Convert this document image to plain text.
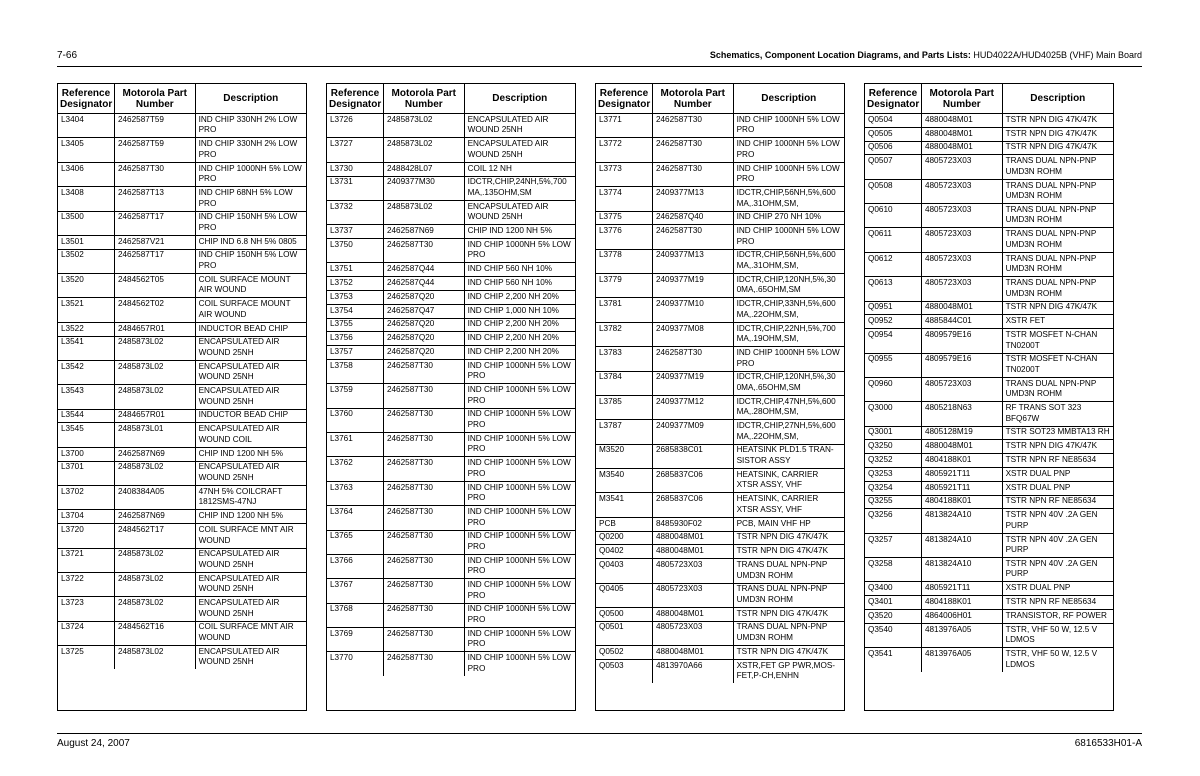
7-66	Schematics, Component Location Diagrams, and Parts Lists: HUD4022A/HUD4025B (VHF) Main Board
Reference Designator	Motorola Part Number	Description
L3404	2462587T59	IND CHIP 330NH 2% LOW PRO
L3405	2462587T59	IND CHIP 330NH 2% LOW PRO
L3406	2462587T30	IND CHIP 1000NH 5% LOW PRO
L3408	2462587T13	IND CHIP 68NH 5% LOW PRO
L3500	2462587T17	IND CHIP 150NH 5% LOW PRO
L3501	2462587V21	CHIP IND 6.8 NH 5% 0805
L3502	2462587T17	IND CHIP 150NH 5% LOW PRO
L3520	2484562T05	COIL SURFACE MOUNT AIR WOUND
L3521	2484562T02	COIL SURFACE MOUNT AIR WOUND
L3522	2484657R01	INDUCTOR BEAD CHIP
L3541	2485873L02	ENCAPSULATED AIR WOUND 25NH
L3542	2485873L02	ENCAPSULATED AIR WOUND 25NH
L3543	2485873L02	ENCAPSULATED AIR WOUND 25NH
L3544	2484657R01	INDUCTOR BEAD CHIP
L3545	2485873L01	ENCAPSULATED AIR WOUND COIL
L3700	2462587N69	CHIP IND 1200 NH 5%
L3701	2485873L02	ENCAPSULATED AIR WOUND 25NH
L3702	2408384A05	47NH 5% COILCRAFT 1812SMS-47NJ
L3704	2462587N69	CHIP IND 1200 NH 5%
L3720	2484562T17	COIL SURFACE MNT AIR WOUND
L3721	2485873L02	ENCAPSULATED AIR WOUND 25NH
L3722	2485873L02	ENCAPSULATED AIR WOUND 25NH
L3723	2485873L02	ENCAPSULATED AIR WOUND 25NH
L3724	2484562T16	COIL SURFACE MNT AIR WOUND
L3725	2485873L02	ENCAPSULATED AIR WOUND 25NH
Reference Designator	Motorola Part Number	Description
L3726	2485873L02	ENCAPSULATED AIR WOUND 25NH
L3727	2485873L02	ENCAPSULATED AIR WOUND 25NH
L3730	2488428L07	COIL 12 NH
L3731	2409377M30	IDCTR,CHIP,24NH,5%,700 MA,.135OHM,SM
L3732	2485873L02	ENCAPSULATED AIR WOUND 25NH
L3737	2462587N69	CHIP IND 1200 NH 5%
L3750	2462587T30	IND CHIP 1000NH 5% LOW PRO
L3751	2462587Q44	IND CHIP 560 NH 10%
L3752	2462587Q44	IND CHIP 560 NH 10%
L3753	2462587Q20	IND CHIP 2,200 NH 20%
L3754	2462587Q47	IND CHIP 1,000 NH 10%
L3755	2462587Q20	IND CHIP 2,200 NH 20%
L3756	2462587Q20	IND CHIP 2,200 NH 20%
L3757	2462587Q20	IND CHIP 2,200 NH 20%
L3758	2462587T30	IND CHIP 1000NH 5% LOW PRO
L3759	2462587T30	IND CHIP 1000NH 5% LOW PRO
L3760	2462587T30	IND CHIP 1000NH 5% LOW PRO
L3761	2462587T30	IND CHIP 1000NH 5% LOW PRO
L3762	2462587T30	IND CHIP 1000NH 5% LOW PRO
L3763	2462587T30	IND CHIP 1000NH 5% LOW PRO
L3764	2462587T30	IND CHIP 1000NH 5% LOW PRO
L3765	2462587T30	IND CHIP 1000NH 5% LOW PRO
L3766	2462587T30	IND CHIP 1000NH 5% LOW PRO
L3767	2462587T30	IND CHIP 1000NH 5% LOW PRO
L3768	2462587T30	IND CHIP 1000NH 5% LOW PRO
L3769	2462587T30	IND CHIP 1000NH 5% LOW PRO
L3770	2462587T30	IND CHIP 1000NH 5% LOW PRO
Reference Designator	Motorola Part Number	Description
L3771	2462587T30	IND CHIP 1000NH 5% LOW PRO
L3772	2462587T30	IND CHIP 1000NH 5% LOW PRO
L3773	2462587T30	IND CHIP 1000NH 5% LOW PRO
L3774	2409377M13	IDCTR,CHIP,56NH,5%,600 MA,.31OHM,SM,
L3775	2462587Q40	IND CHIP 270 NH 10%
L3776	2462587T30	IND CHIP 1000NH 5% LOW PRO
L3778	2409377M13	IDCTR,CHIP,56NH,5%,600 MA,.31OHM,SM,
L3779	2409377M19	IDCTR,CHIP,120NH,5%,30 0MA,.65OHM,SM
L3781	2409377M10	IDCTR,CHIP,33NH,5%,600 MA,.22OHM,SM,
L3782	2409377M08	IDCTR,CHIP,22NH,5%,700 MA,.19OHM,SM,
L3783	2462587T30	IND CHIP 1000NH 5% LOW PRO
L3784	2409377M19	IDCTR,CHIP,120NH,5%,30 0MA,.65OHM,SM
L3785	2409377M12	IDCTR,CHIP,47NH,5%,600 MA,.28OHM,SM,
L3787	2409377M09	IDCTR,CHIP,27NH,5%,600 MA,.22OHM,SM,
M3520	2685838C01	HEATSINK PLD1.5 TRAN-SISTOR ASSY
M3540	2685837C06	HEATSINK, CARRIER XTSR ASSY, VHF
M3541	2685837C06	HEATSINK, CARRIER XTSR ASSY, VHF
PCB	8485930F02	PCB, MAIN VHF HP
Q0200	4880048M01	TSTR NPN DIG 47K/47K
Q0402	4880048M01	TSTR NPN DIG 47K/47K
Q0403	4805723X03	TRANS DUAL NPN-PNP UMD3N ROHM
Q0405	4805723X03	TRANS DUAL NPN-PNP UMD3N ROHM
Q0500	4880048M01	TSTR NPN DIG 47K/47K
Q0501	4805723X03	TRANS DUAL NPN-PNP UMD3N ROHM
Q0502	4880048M01	TSTR NPN DIG 47K/47K
Q0503	4813970A66	XSTR,FET GP PWR,MOS-FET,P-CH,ENHN
Reference Designator	Motorola Part Number	Description
Q0504	4880048M01	TSTR NPN DIG 47K/47K
Q0505	4880048M01	TSTR NPN DIG 47K/47K
Q0506	4880048M01	TSTR NPN DIG 47K/47K
Q0507	4805723X03	TRANS DUAL NPN-PNP UMD3N ROHM
Q0508	4805723X03	TRANS DUAL NPN-PNP UMD3N ROHM
Q0610	4805723X03	TRANS DUAL NPN-PNP UMD3N ROHM
Q0611	4805723X03	TRANS DUAL NPN-PNP UMD3N ROHM
Q0612	4805723X03	TRANS DUAL NPN-PNP UMD3N ROHM
Q0613	4805723X03	TRANS DUAL NPN-PNP UMD3N ROHM
Q0951	4880048M01	TSTR NPN DIG 47K/47K
Q0952	4885844C01	XSTR FET
Q0954	4809579E16	TSTR MOSFET N-CHAN TN0200T
Q0955	4809579E16	TSTR MOSFET N-CHAN TN0200T
Q0960	4805723X03	TRANS DUAL NPN-PNP UMD3N ROHM
Q3000	4805218N63	RF TRANS SOT 323 BFQ67W
Q3001	4805128M19	TSTR SOT23 MMBTA13 RH
Q3250	4880048M01	TSTR NPN DIG 47K/47K
Q3252	4804188K01	TSTR NPN RF NE85634
Q3253	4805921T11	XSTR DUAL PNP
Q3254	4805921T11	XSTR DUAL PNP
Q3255	4804188K01	TSTR NPN RF NE85634
Q3256	4813824A10	TSTR NPN 40V .2A GEN PURP
Q3257	4813824A10	TSTR NPN 40V .2A GEN PURP
Q3258	4813824A10	TSTR NPN 40V .2A GEN PURP
Q3400	4805921T11	XSTR DUAL PNP
Q3401	4804188K01	TSTR NPN RF NE85634
Q3520	4864006H01	TRANSISTOR, RF POWER
Q3540	4813976A05	TSTR, VHF 50 W, 12.5 V LDMOS
Q3541	4813976A05	TSTR, VHF 50 W, 12.5 V LDMOS
August 24, 2007	6816533H01-A
